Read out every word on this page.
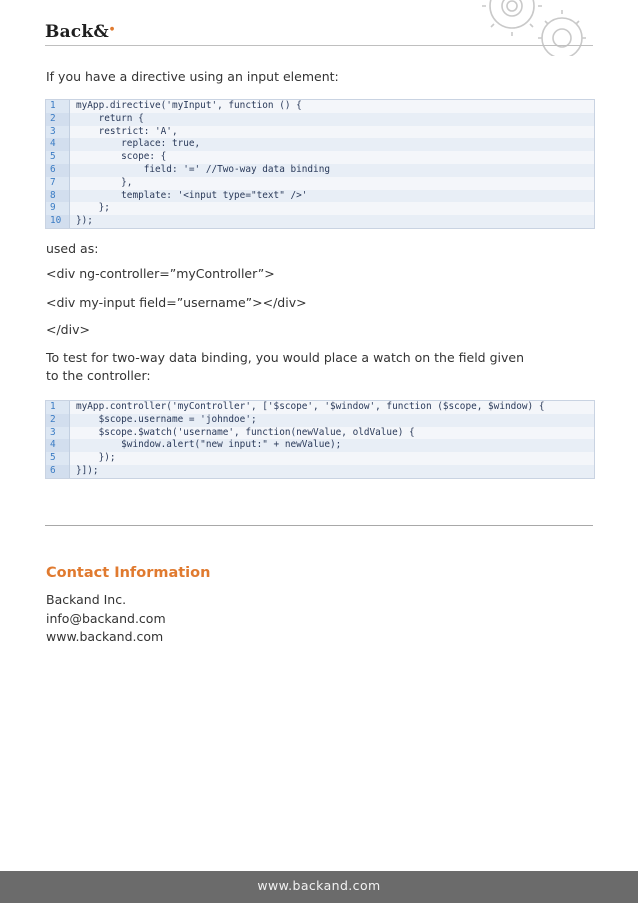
Back&●
If you have a directive using an input element:
1	myApp.directive('myInput', function () {
2	return {
3	restrict: 'A',
4	replace: true,
5	scope: {
6	field: '=' //Two-way data binding
7	},
8	template: '<input type="text" />'
9	};
10	});
used as:
<div ng-controller=”myController”>
<div my-input field=”username”></div>
</div>
To test for two-way data binding, you would place a watch on the field given
to the controller:
1	myApp.controller('myController', ['$scope', '$window', function ($scope, $window) {
2	$scope.username = 'johndoe';
3	$scope.$watch('username', function(newValue, oldValue) {
4	$window.alert("new input:" + newValue);
5	});
6	}]);
Contact Information
Backand Inc.
info@backand.com
www.backand.com
www.backand.com
